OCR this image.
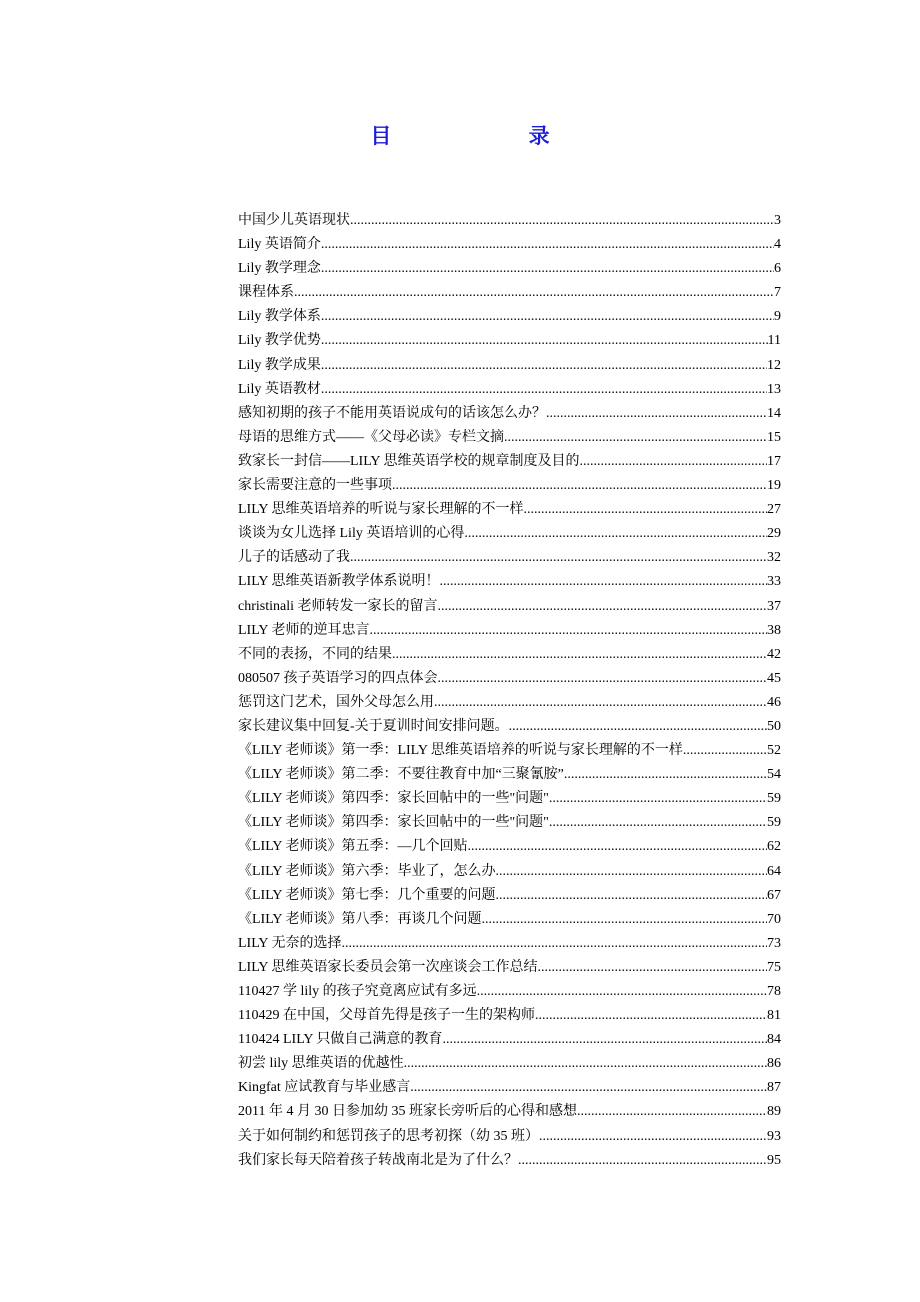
目 录
中国少儿英语现状 .....	3
Lily 英语简介 .....	4
Lily 教学理念 .....	6
课程体系 .....	7
Lily 教学体系 .....	9
Lily 教学优势 .....	11
Lily 教学成果 .....	12
Lily 英语教材 .....	13
感知初期的孩子不能用英语说成句的话该怎么办？ .....	14
母语的思维方式——《父母必读》专栏文摘 .....	15
致家长一封信——LILY 思维英语学校的规章制度及目的 .....	17
家长需要注意的一些事项 .....	19
LILY 思维英语培养的听说与家长理解的不一样 .....	27
谈谈为女儿选择 Lily 英语培训的心得 .....	29
儿子的话感动了我 .....	32
LILY 思维英语新教学体系说明！ .....	33
christinali 老师转发一家长的留言 .....	37
LILY 老师的逆耳忠言 .....	38
不同的表扬，不同的结果 .....	42
080507 孩子英语学习的四点体会 .....	45
惩罚这门艺术，国外父母怎么用 .....	46
家长建议集中回复-关于夏训时间安排问题。 .....	50
《LILY 老师谈》第一季：LILY 思维英语培养的听说与家长理解的不一样 .....	52
《LILY 老师谈》第二季：不要往教育中加“三聚氰胺” .....	54
《LILY 老师谈》第四季：家长回帖中的一些"问题" .....	59
《LILY 老师谈》第四季：家长回帖中的一些"问题" .....	59
《LILY 老师谈》第五季：—几个回贴 .....	62
《LILY 老师谈》第六季：毕业了，怎么办 .....	64
《LILY 老师谈》第七季：几个重要的问题 .....	67
《LILY 老师谈》第八季：再谈几个问题 .....	70
LILY 无奈的选择 .....	73
LILY 思维英语家长委员会第一次座谈会工作总结 .....	75
110427 学 lily 的孩子究竟离应试有多远 .....	78
110429 在中国，父母首先得是孩子一生的架构师 .....	81
110424 LILY 只做自己满意的教育 .....	84
初尝 lily 思维英语的优越性 .....	86
Kingfat 应试教育与毕业感言 .....	87
2011 年 4 月 30 日参加幼 35 班家长旁听后的心得和感想 .....	89
关于如何制约和惩罚孩子的思考初探（幼 35 班） .....	93
我们家长每天陪着孩子转战南北是为了什么？ .....	95
